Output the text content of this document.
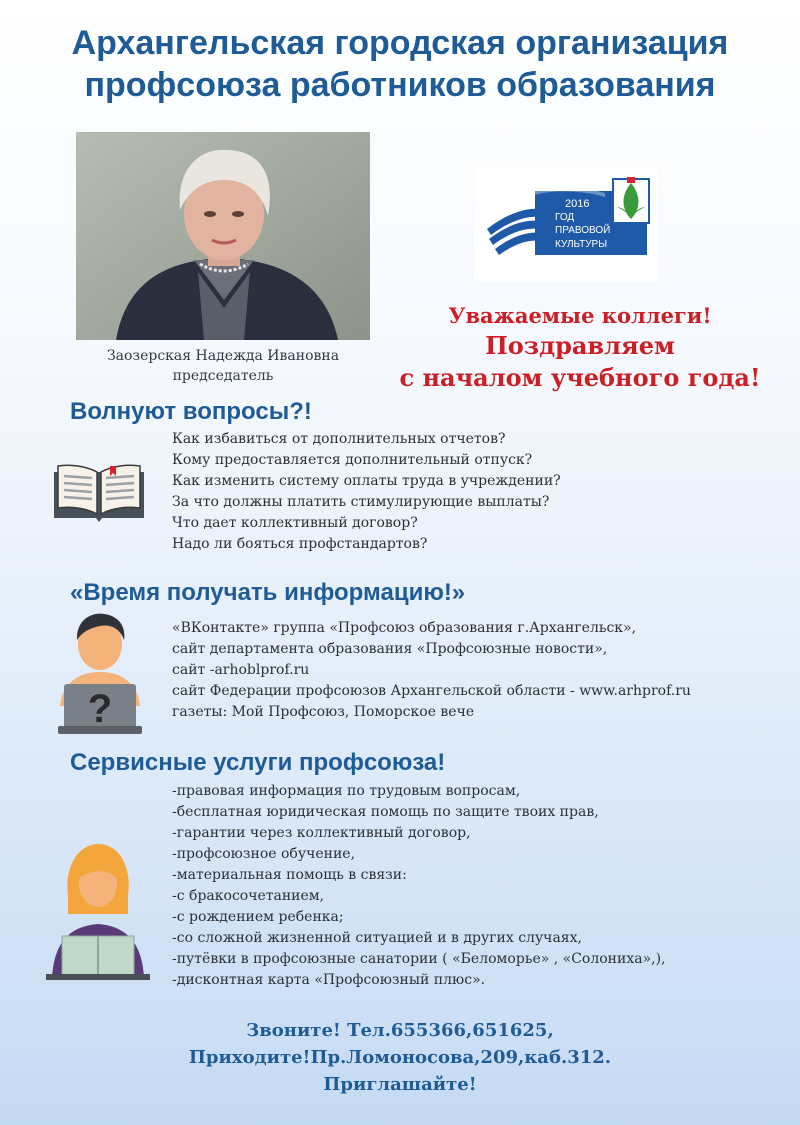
Архангельская городская организация
профсоюза работников образования
Заозерская Надежда Ивановна
председатель
2016
ГОД
ПРАВОВОЙ
КУЛЬТУРЫ
Уважаемые коллеги!
Поздравляем
с началом учебного года!
Волнуют вопросы?!
Как избавиться от дополнительных отчетов?
Кому предоставляется дополнительный отпуск?
Как изменить систему оплаты труда в учреждении?
За что должны платить стимулирующие выплаты?
Что дает коллективный договор?
Надо ли бояться профстандартов?
«Время получать информацию!»
?
«ВКонтакте» группа «Профсоюз образования г.Архангельск»,
сайт департамента образования «Профсоюзные новости»,
сайт -arhoblprof.ru
сайт Федерации профсоюзов Архангельской области - www.arhprof.ru
газеты: Мой Профсоюз, Поморское вече
Сервисные услуги профсоюза!
-правовая информация по трудовым вопросам,
-бесплатная юридическая помощь по защите твоих прав,
-гарантии через коллективный договор,
-профсоюзное обучение,
-материальная помощь в связи:
-с бракосочетанием,
-с рождением ребенка;
-со сложной жизненной ситуацией и в других случаях,
-путёвки в профсоюзные санатории ( «Беломорье» , «Солониха»,),
-дисконтная карта «Профсоюзный плюс».
Звоните! Тел.655366,651625,
Приходите!Пр.Ломоносова,209,каб.312.
Приглашайте!
